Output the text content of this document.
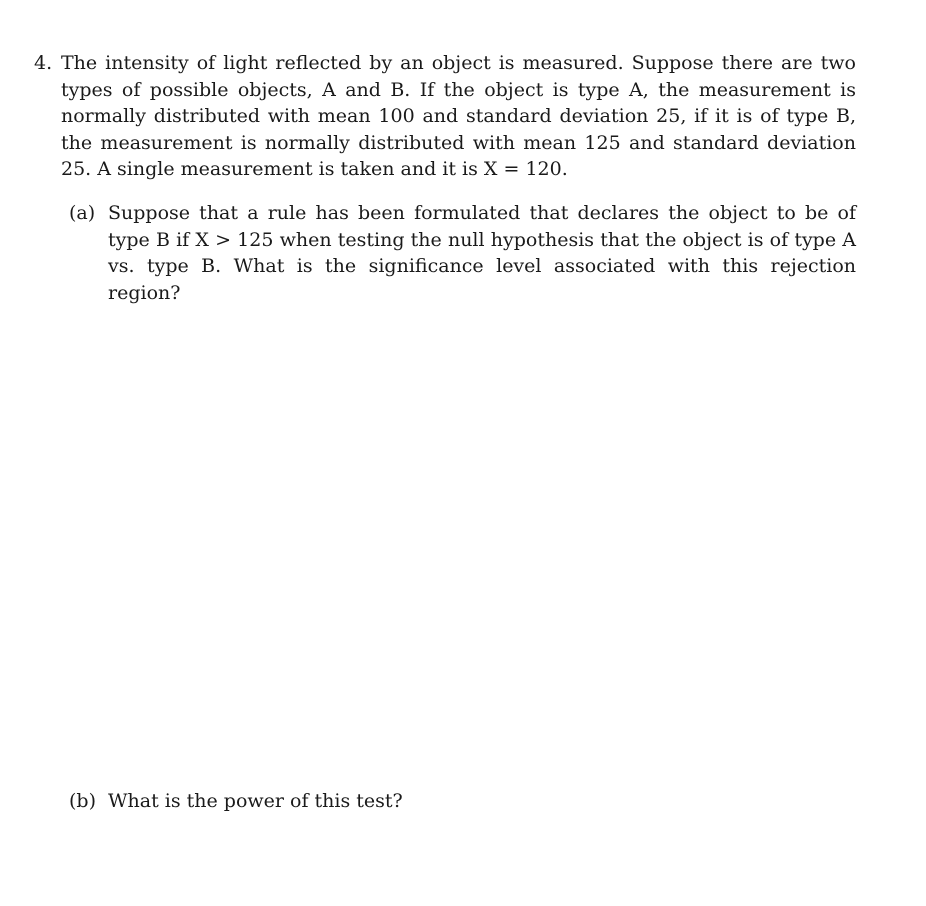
4. The intensity of light reflected by an object is measured. Suppose there are two types of possible objects, A and B. If the object is type A, the measurement is normally distributed with mean 100 and standard deviation 25, if it is of type B, the measurement is normally distributed with mean 125 and standard deviation 25. A single measurement is taken and it is X = 120.
(a) Suppose that a rule has been formulated that declares the object to be of type B if X > 125 when testing the null hypothesis that the object is of type A vs. type B. What is the significance level associated with this rejection region?
(b) What is the power of this test?
